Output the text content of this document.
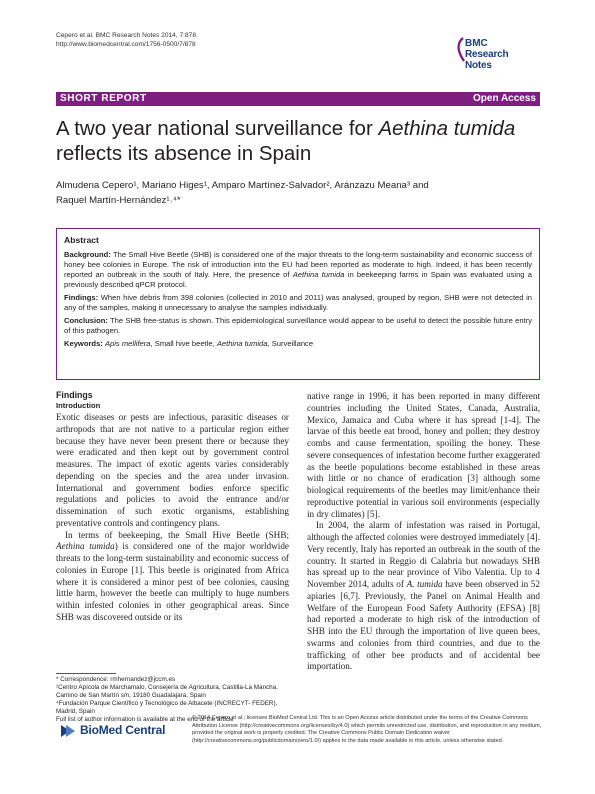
Cepero et al. BMC Research Notes 2014, 7:878
http://www.biomedcentral.com/1756-0500/7/878	BMC
Research Notes
SHORT REPORT	Open Access
A two year national surveillance for Aethina tumida reflects its absence in Spain
Almudena Cepero¹, Mariano Higes¹, Amparo Martínez-Salvador², Aránzazu Meana³ and
Raquel Martín-Hernández¹˒⁴*
Abstract

Background: The Small Hive Beetle (SHB) is considered one of the major threats to the long-term sustainability and economic success of honey bee colonies in Europe. The risk of introduction into the EU had been reported as moderate to high. Indeed, it has been recently reported an outbreak in the south of Italy. Here, the presence of Aethina tumida in beekeeping farms in Spain was evaluated using a previously described qPCR protocol.

Findings: When hive debris from 398 colonies (collected in 2010 and 2011) was analysed, grouped by region, SHB were not detected in any of the samples, making it unnecessary to analyse the samples individually.

Conclusion: The SHB free-status is shown. This epidemiological surveillance would appear to be useful to detect the possible future entry of this pathogen.

Keywords: Apis mellifera, Small hive beetle, Aethina tumida, Surveillance

Findings
Introduction

Exotic diseases or pests are infectious, parasitic diseases or arthropods that are not native to a particular region either because they have never been present there or because they were eradicated and then kept out by government control measures. The impact of exotic agents varies considerably depending on the species and the area under invasion. International and government bodies enforce specific regulations and policies to avoid the entrance and/or dissemination of such exotic organisms, establishing preventative controls and contingency plans.

In terms of beekeeping, the Small Hive Beetle (SHB; Aethina tumida) is considered one of the major worldwide threats to the long-term sustainability and economic success of colonies in Europe [1]. This beetle is originated from Africa where it is considered a minor pest of bee colonies, causing little harm, however the beetle can multiply to huge numbers within infested colonies in other geographical areas. Since SHB was discovered outside or its

native range in 1996, it has been reported in many different countries including the United States, Canada, Australia, Mexico, Jamaica and Cuba where it has spread [1-4]. The larvae of this beetle eat brood, honey and pollen; they destroy combs and cause fermentation, spoiling the honey. These severe consequences of infestation become further exaggerated as the beetle populations become established in these areas with little or no chance of eradication [3] although some biological requirements of the beetles may limit/enhance their reproductive potential in various soil environments (especially in dry climates) [5].

In 2004, the alarm of infestation was raised in Portugal, although the affected colonies were destroyed immediately [4]. Very recently, Italy has reported an outbreak in the south of the country. It started in Reggio di Calabria but nowadays SHB has spread up to the near province of Vibo Valentia. Up to 4 November 2014, adults of A. tumida have been observed in 52 apiaries [6,7]. Previously, the Panel on Animal Health and Welfare of the European Food Safety Authority (EFSA) [8] had reported a moderate to high risk of the introduction of SHB into the EU through the importation of live queen bees, swarms and colonies from third countries, and due to the trafficking of other bee products and of accidental bee importation.

* Correspondence: rmhernandez@jccm.es
¹Centro Apícola de Marchamalo, Consejería de Agricultura, Castilla-La Mancha, Camino de San Martín s/n, 19180 Guadalajara, Spain
⁴Fundación Parque Científico y Tecnológico de Albacete (INCRECYT- FEDER), Madrid, Spain
Full list of author information is available at the end of the article
BioMed Central
© 2014 Cepero et al.; licensee BioMed Central Ltd. This is an Open Access article distributed under the terms of the Creative Commons Attribution License (http://creativecommons.org/licenses/by/4.0) which permits unrestricted use, distribution, and reproduction in any medium, provided the original work is properly credited. The Creative Commons Public Domain Dedication waiver (http://creativecommons.org/publicdomain/zero/1.0/) applies to the data made available in this article, unless otherwise stated.
